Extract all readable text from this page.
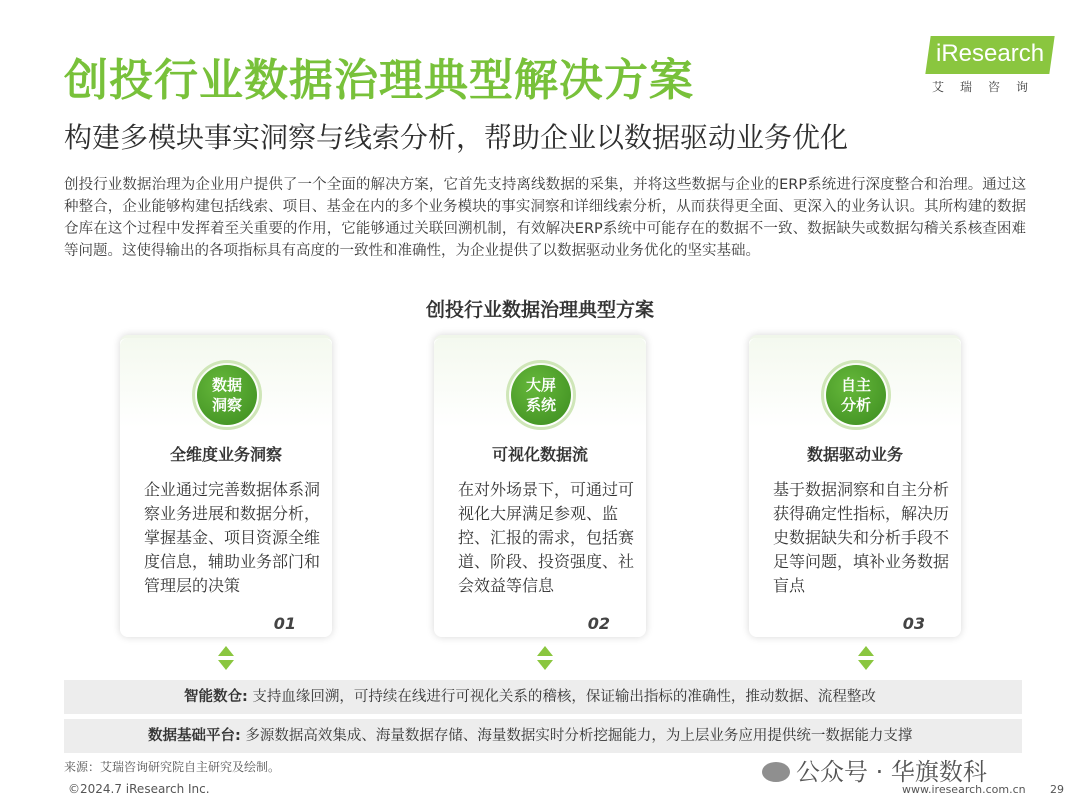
创投行业数据治理典型解决方案
构建多模块事实洞察与线索分析，帮助企业以数据驱动业务优化
iResearch
艾瑞咨询
创投行业数据治理为企业用户提供了一个全面的解决方案，它首先支持离线数据的采集，并将这些数据与企业的ERP系统进行深度整合和治理。通过这种整合，企业能够构建包括线索、项目、基金在内的多个业务模块的事实洞察和详细线索分析，从而获得更全面、更深入的业务认识。其所构建的数据仓库在这个过程中发挥着至关重要的作用，它能够通过关联回溯机制，有效解决ERP系统中可能存在的数据不一致、数据缺失或数据勾稽关系核查困难等问题。这使得输出的各项指标具有高度的一致性和准确性，为企业提供了以数据驱动业务优化的坚实基础。
创投行业数据治理典型方案
数据
洞察
全维度业务洞察
企业通过完善数据体系洞察业务进展和数据分析，掌握基金、项目资源全维度信息，辅助业务部门和管理层的决策
01
大屏
系统
可视化数据流
在对外场景下，可通过可视化大屏满足参观、监控、汇报的需求，包括赛道、阶段、投资强度、社会效益等信息
02
自主
分析
数据驱动业务
基于数据洞察和自主分析获得确定性指标，解决历史数据缺失和分析手段不足等问题，填补业务数据盲点
03
智能数仓: 支持血缘回溯，可持续在线进行可视化关系的稽核，保证输出指标的准确性，推动数据、流程整改
数据基础平台: 多源数据高效集成、海量数据存储、海量数据实时分析挖掘能力，为上层业务应用提供统一数据能力支撑
来源：艾瑞咨询研究院自主研究及绘制。
©2024.7 iResearch Inc.
公众号 · 华旗数科
www.iresearch.com.cn 29
